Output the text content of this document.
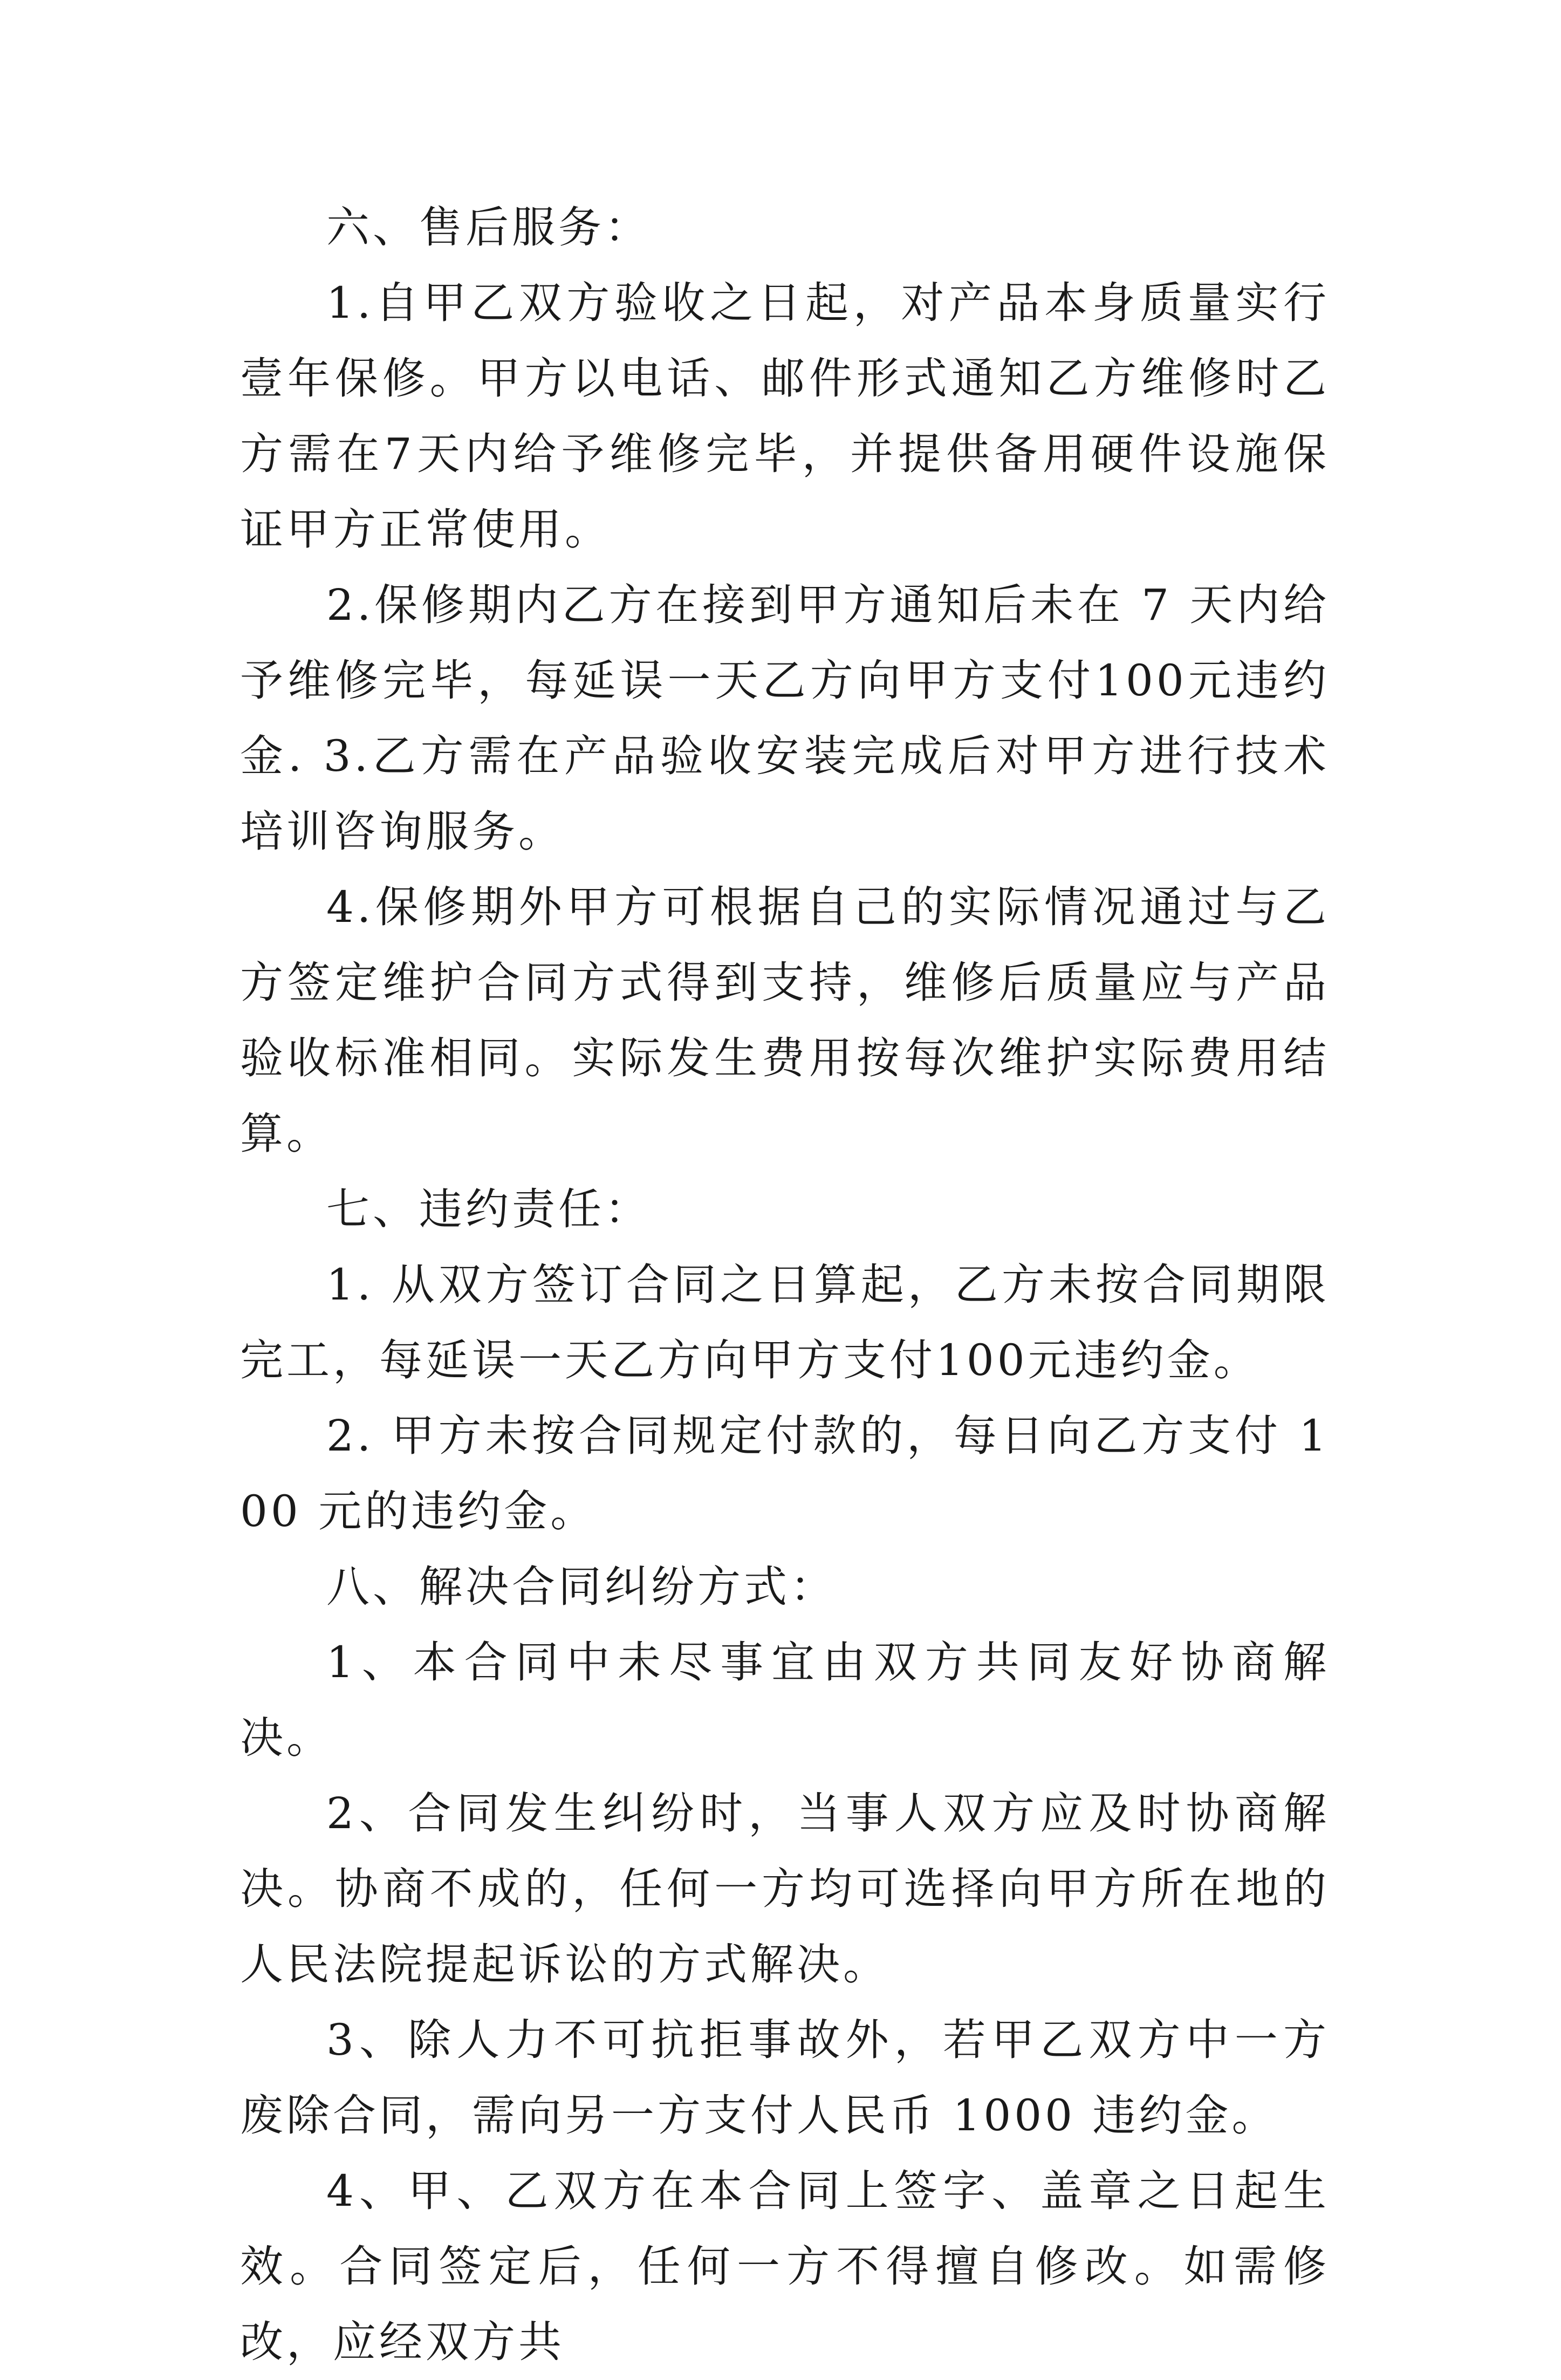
六、售后服务：

1.自甲乙双方验收之日起，对产品本身质量实行 壹年保修。甲方以电话、邮件形式通知乙方维修时乙方需在7天内给予维修完毕，并提供备用硬件设施保证甲方正常使用。

2.保修期内乙方在接到甲方通知后未在 7 天内给予维修完毕，每延误一天乙方向甲方支付100元违约金. 3.乙方需在产品验收安装完成后对甲方进行技术培训咨询服务。

4.保修期外甲方可根据自己的实际情况通过与乙方签定维护合同方式得到支持，维修后质量应与产品验收标准相同。实际发生费用按每次维护实际费用结算。

七、违约责任：

1. 从双方签订合同之日算起，乙方未按合同期限完工，每延误一天乙方向甲方支付100元违约金。

2. 甲方未按合同规定付款的，每日向乙方支付 100 元的违约金。

八、解决合同纠纷方式：

1、本合同中未尽事宜由双方共同友好协商解决。

2、合同发生纠纷时，当事人双方应及时协商解决。协商不成的，任何一方均可选择向甲方所在地的人民法院提起诉讼的方式解决。

3、除人力不可抗拒事故外，若甲乙双方中一方废除合同，需向另一方支付人民币 1000 违约金。

4、甲、乙双方在本合同上签字、盖章之日起生效。合同签定后，任何一方不得擅自修改。如需修改，应经双方共
